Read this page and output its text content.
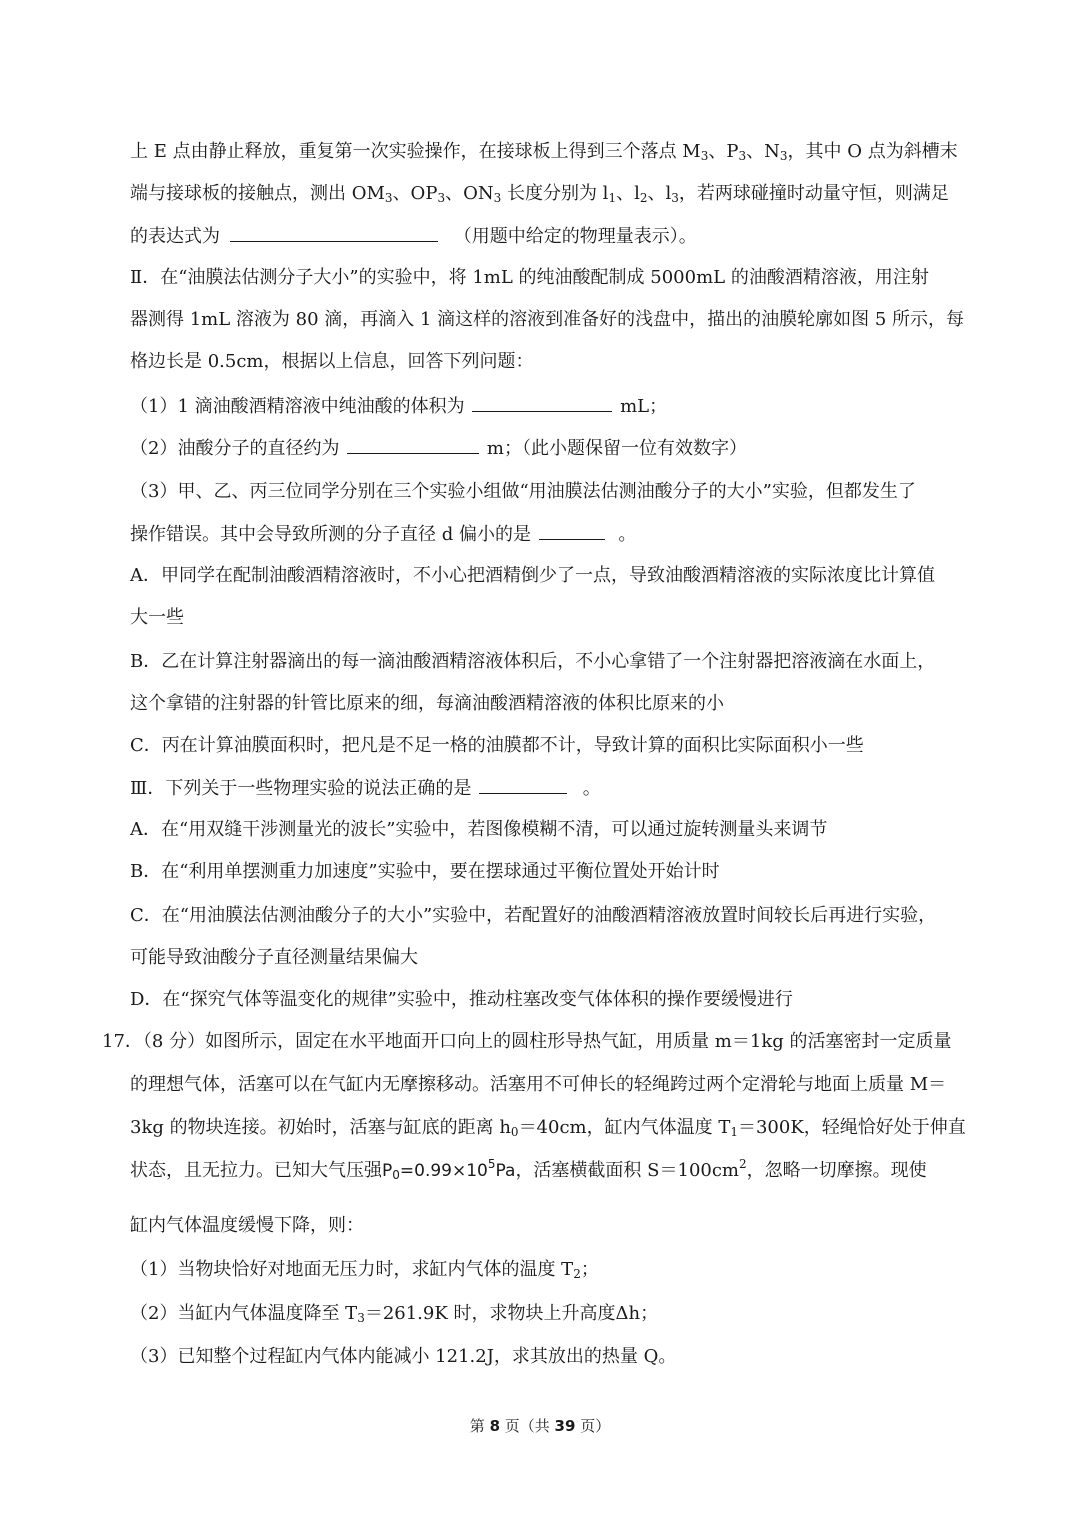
上 E 点由静止释放，重复第一次实验操作，在接球板上得到三个落点 $M_3$、$P_3$、$N_3$，其中 O 点为斜槽末
端与接球板的接触点，测出 $OM_3$、$OP_3$、$ON_3$ 长度分别为 $l_1$、$l_2$、$l_3$，若两球碰撞时动量守恒，则满足
的表达式为	（用题中给定的物理量表示）。
Ⅱ．在“油膜法估测分子大小”的实验中，将 1mL 的纯油酸配制成 5000mL 的油酸酒精溶液，用注射
器测得 1mL 溶液为 80 滴，再滴入 1 滴这样的溶液到准备好的浅盘中，描出的油膜轮廓如图 5 所示，每
格边长是 0.5cm，根据以上信息，回答下列问题：
（1）1 滴油酸酒精溶液中纯油酸的体积为	mL；
（2）油酸分子的直径约为	m；（此小题保留一位有效数字）
（3）甲、乙、丙三位同学分别在三个实验小组做“用油膜法估测油酸分子的大小”实验，但都发生了
操作错误。其中会导致所测的分子直径 d 偏小的是	。
A．甲同学在配制油酸酒精溶液时，不小心把酒精倒少了一点，导致油酸酒精溶液的实际浓度比计算值
大一些
B．乙在计算注射器滴出的每一滴油酸酒精溶液体积后，不小心拿错了一个注射器把溶液滴在水面上，
这个拿错的注射器的针管比原来的细，每滴油酸酒精溶液的体积比原来的小
C．丙在计算油膜面积时，把凡是不足一格的油膜都不计，导致计算的面积比实际面积小一些
Ⅲ．下列关于一些物理实验的说法正确的是	。
A．在“用双缝干涉测量光的波长”实验中，若图像模糊不清，可以通过旋转测量头来调节
B．在“利用单摆测重力加速度”实验中，要在摆球通过平衡位置处开始计时
C．在“用油膜法估测油酸分子的大小”实验中，若配置好的油酸酒精溶液放置时间较长后再进行实验，
可能导致油酸分子直径测量结果偏大
D．在“探究气体等温变化的规律”实验中，推动柱塞改变气体体积的操作要缓慢进行
17．（8 分）如图所示，固定在水平地面开口向上的圆柱形导热气缸，用质量 m＝1kg 的活塞密封一定质量
的理想气体，活塞可以在气缸内无摩擦移动。活塞用不可伸长的轻绳跨过两个定滑轮与地面上质量 M＝
3kg 的物块连接。初始时，活塞与缸底的距离 $h_0=40cm$，缸内气体温度 $T_1=300K$，轻绳恰好处于伸直
状态，且无拉力。已知大气压强$P_0=0.99\times 10^5Pa$，活塞横截面积 $S=100cm^2$，忽略一切摩擦。现使
缸内气体温度缓慢下降，则：
（1）当物块恰好对地面无压力时，求缸内气体的温度 $T_2$；
（2）当缸内气体温度降至 $T_3=261.9K$ 时，求物块上升高度Δh；
（3）已知整个过程缸内气体内能减小 121.2J，求其放出的热量 Q。
第 8 页（共 39 页）
